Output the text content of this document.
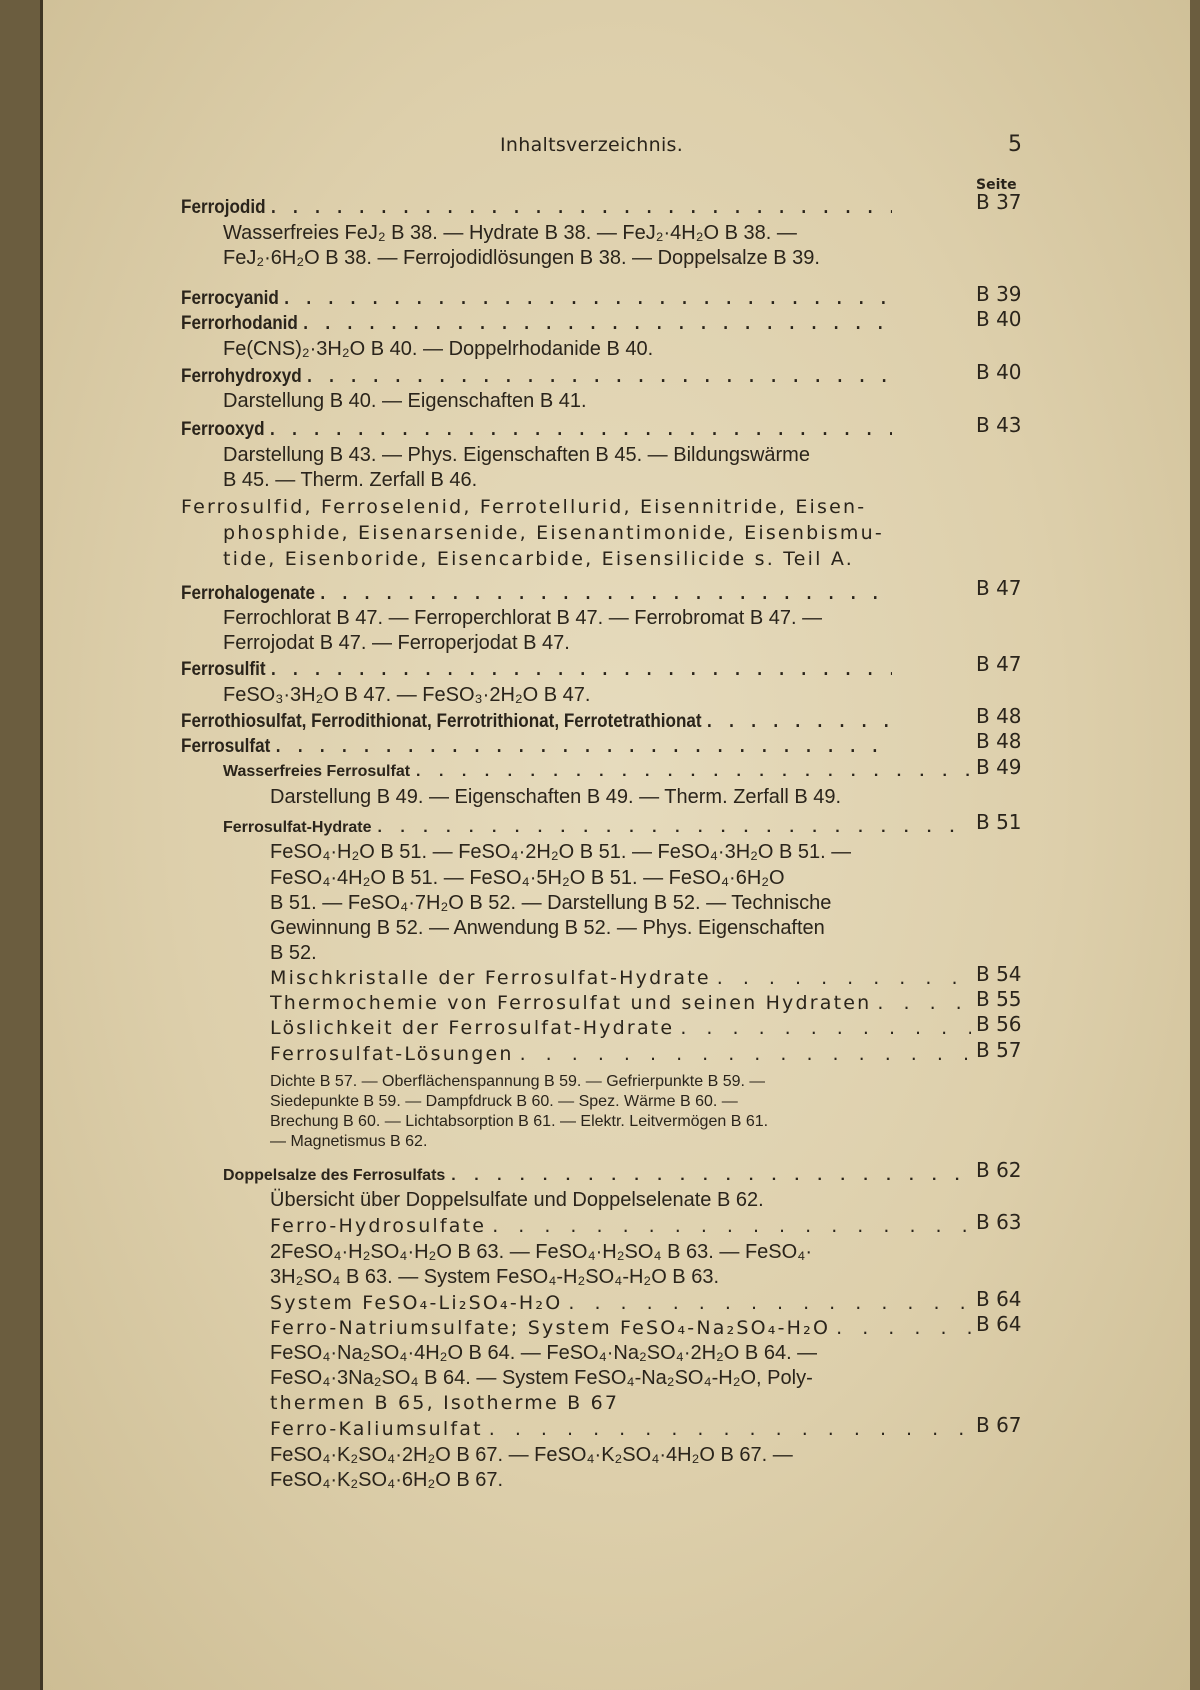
Inhaltsverzeichnis.	5
Seite
Ferrojodid . . .	B 37
Wasserfreies FeJ₂ B 38. — Hydrate B 38. — FeJ₂·4H₂O B 38. —
FeJ₂·6H₂O B 38. — Ferrojodidlösungen B 38. — Doppelsalze B 39.
Ferrocyanid . . .	B 39
Ferrorhodanid . . .	B 40
Fe(CNS)₂·3H₂O B 40. — Doppelrhodanide B 40.
Ferrohydroxyd . . .	B 40
Darstellung B 40. — Eigenschaften B 41.
Ferrooxyd . . .	B 43
Darstellung B 43. — Phys. Eigenschaften B 45. — Bildungswärme
B 45. — Therm. Zerfall B 46.
Ferrosulfid, Ferroselenid, Ferrotellurid, Eisennitride, Eisen-
phosphide, Eisenarsenide, Eisenantimonide, Eisenbismu-
tide, Eisenboride, Eisencarbide, Eisensilicide s. Teil A.
Ferrohalogenate . . .	B 47
Ferrochlorat B 47. — Ferroperchlorat B 47. — Ferrobromat B 47. —
Ferrojodat B 47. — Ferroperjodat B 47.
Ferrosulfit . . .	B 47
FeSO₃·3H₂O B 47. — FeSO₃·2H₂O B 47.
Ferrothiosulfat, Ferrodithionat, Ferrotrithionat, Ferrotetrathionat . . .	B 48
Ferrosulfat . . .	B 48
Wasserfreies Ferrosulfat . . .	B 49
Darstellung B 49. — Eigenschaften B 49. — Therm. Zerfall B 49.
Ferrosulfat-Hydrate . . .	B 51
FeSO₄·H₂O B 51. — FeSO₄·2H₂O B 51. — FeSO₄·3H₂O B 51. —
FeSO₄·4H₂O B 51. — FeSO₄·5H₂O B 51. — FeSO₄·6H₂O
B 51. — FeSO₄·7H₂O B 52. — Darstellung B 52. — Technische
Gewinnung B 52. — Anwendung B 52. — Phys. Eigenschaften
B 52.
Mischkristalle der Ferrosulfat-Hydrate . . .	B 54
Thermochemie von Ferrosulfat und seinen Hydraten . . .	B 55
Löslichkeit der Ferrosulfat-Hydrate . . .	B 56
Ferrosulfat-Lösungen . . .	B 57
Dichte B 57. — Oberflächenspannung B 59. — Gefrierpunkte B 59. —
Siedepunkte B 59. — Dampfdruck B 60. — Spez. Wärme B 60. —
Brechung B 60. — Lichtabsorption B 61. — Elektr. Leitvermögen B 61.
— Magnetismus B 62.
Doppelsalze des Ferrosulfats . . .	B 62
Übersicht über Doppelsulfate und Doppelselenate B 62.
Ferro-Hydrosulfate . . .	B 63
2FeSO₄·H₂SO₄·H₂O B 63. — FeSO₄·H₂SO₄ B 63. — FeSO₄·
3H₂SO₄ B 63. — System FeSO₄-H₂SO₄-H₂O B 63.
System FeSO₄-Li₂SO₄-H₂O . . .	B 64
Ferro-Natriumsulfate; System FeSO₄-Na₂SO₄-H₂O . . .	B 64
FeSO₄·Na₂SO₄·4H₂O B 64. — FeSO₄·Na₂SO₄·2H₂O B 64. —
FeSO₄·3Na₂SO₄ B 64. — System FeSO₄-Na₂SO₄-H₂O, Poly-
thermen B 65, Isotherme B 67
Ferro-Kaliumsulfat . . .	B 67
FeSO₄·K₂SO₄·2H₂O B 67. — FeSO₄·K₂SO₄·4H₂O B 67. —
FeSO₄·K₂SO₄·6H₂O B 67.
